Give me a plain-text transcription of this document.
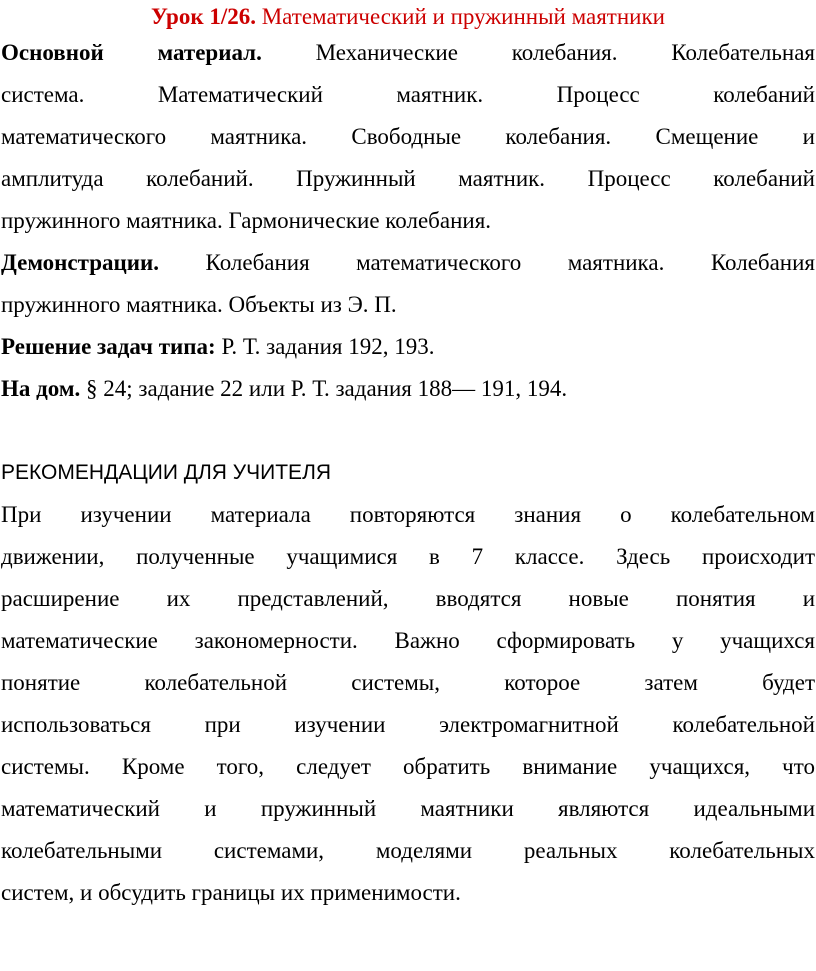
Урок 1/26. Математический и пружинный маятники

Основной материал. Механические колебания. Колебательная

система. Математический маятник. Процесс колебаний

математического маятника. Свободные колебания. Смещение и

амплитуда колебаний. Пружинный маятник. Процесс колебаний

пружинного маятника. Гармонические колебания.

Демонстрации. Колебания математического маятника. Колебания

пружинного маятника. Объекты из Э. П.

Решение задач типа: Р. Т. задания 192, 193.

На дом. § 24; задание 22 или Р. Т. задания 188— 191, 194.

РЕКОМЕНДАЦИИ ДЛЯ УЧИТЕЛЯ

При изучении материала повторяются знания о колебательном

движении, полученные учащимися в 7 классе. Здесь происходит

расширение их представлений, вводятся новые понятия и

математические закономерности. Важно сформировать у учащихся

понятие колебательной системы, которое затем будет

использоваться при изучении электромагнитной колебательной

системы. Кроме того, следует обратить внимание учащихся, что

математический и пружинный маятники являются идеальными

колебательными системами, моделями реальных колебательных

систем, и обсудить границы их применимости.
